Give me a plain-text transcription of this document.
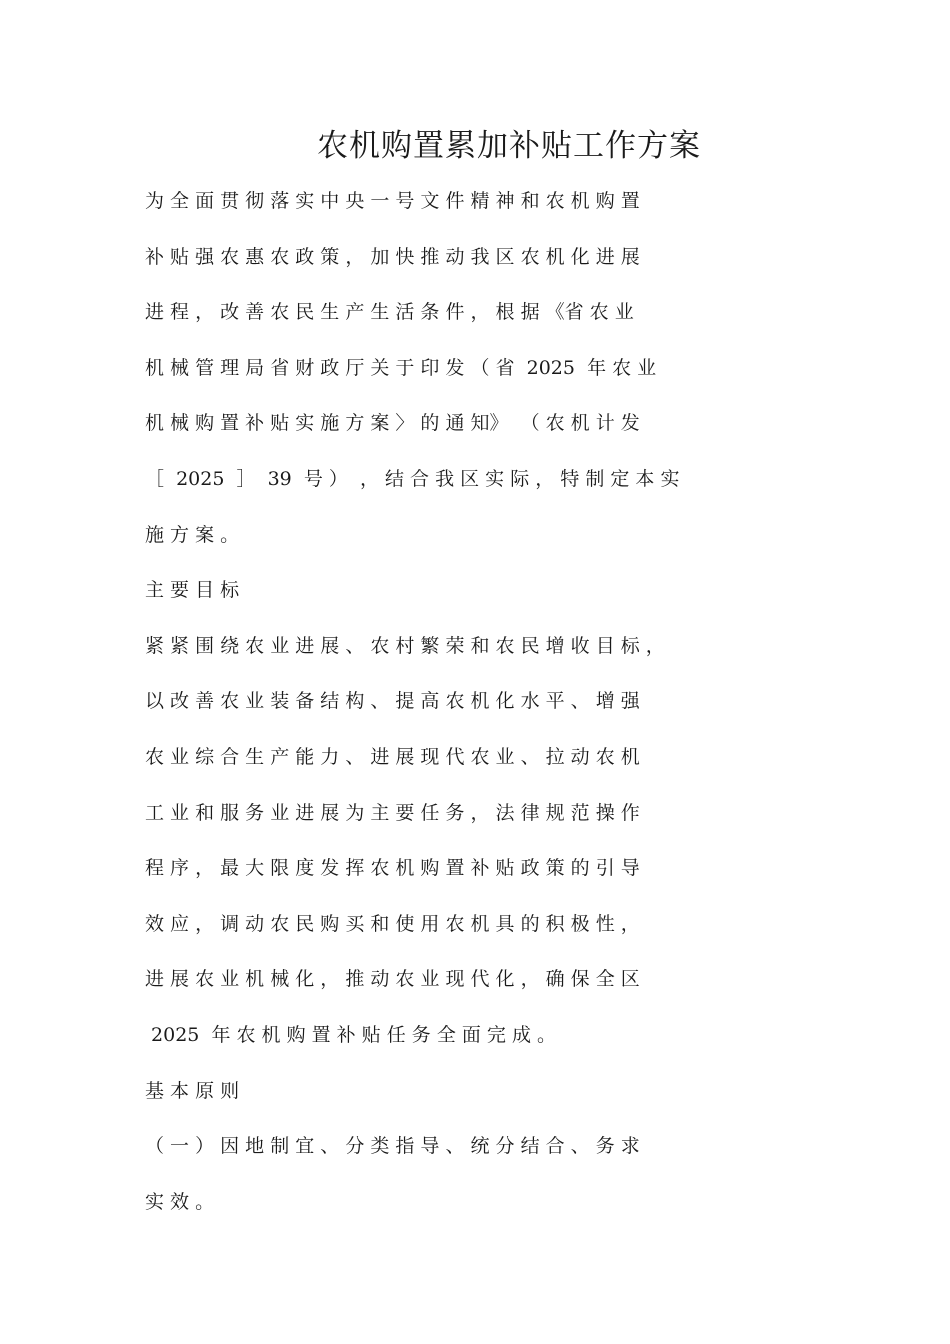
农机购置累加补贴工作方案
为 全 面 贯 彻 落 实 中 央 一 号 文 件 精 神 和 农 机 购 置
补 贴 强 农 惠 农 政 策 ， 加 快 推 动 我 区 农 机 化 进 展
进 程 ， 改 善 农 民 生 产 生 活 条 件 ， 根 据 《省 农 业
机 械 管 理 局 省 财 政 厅 关 于 印 发 （ 省  2025  年 农 业
机 械 购 置 补 贴 实 施 方 案 〉 的 通 知》  （ 农 机 计 发
［  2025  ］  39  号 ）  ， 结 合 我 区 实 际 ， 特 制 定 本 实
施 方 案 。
主 要 目 标
紧 紧 围 绕 农 业 进 展 、 农 村 繁 荣 和 农 民 增 收 目 标 ，
以 改 善 农 业 装 备 结 构 、 提 高 农 机 化 水 平 、 增 强
农 业 综 合 生 产 能 力 、 进 展 现 代 农 业 、 拉 动 农 机
工 业 和 服 务 业 进 展 为 主 要 任 务 ， 法 律 规 范 操 作
程 序 ， 最 大 限 度 发 挥 农 机 购 置 补 贴 政 策 的 引 导
效 应 ， 调 动 农 民 购 买 和 使 用 农 机 具 的 积 极 性 ，
进 展 农 业 机 械 化 ， 推 动 农 业 现 代 化 ， 确 保 全 区
2025  年 农 机 购 置 补 贴 任 务 全 面 完 成 。
基 本 原 则
（ 一 ） 因 地 制 宜 、 分 类 指 导 、 统 分 结 合 、 务 求
实 效 。
